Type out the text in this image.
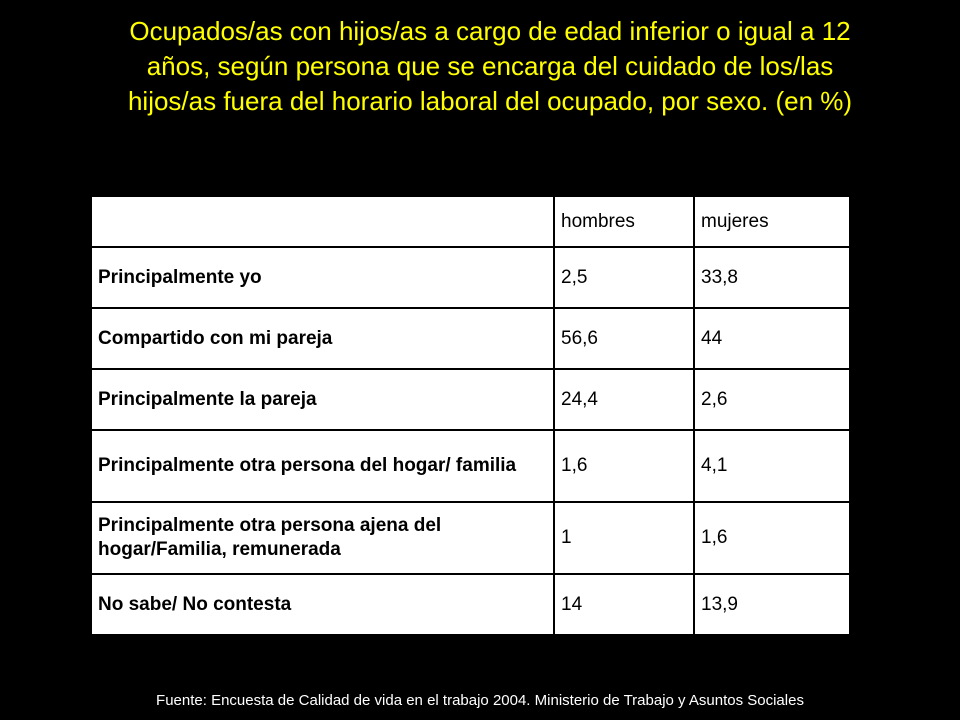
Ocupados/as con hijos/as a cargo de edad inferior o igual a 12
años, según persona que se encarga del cuidado de los/las
hijos/as fuera del horario laboral del ocupado, por sexo. (en %)
	hombres	mujeres
Principalmente yo	2,5	33,8
Compartido con mi pareja	56,6	44
Principalmente la pareja	24,4	2,6
Principalmente otra persona del hogar/ familia	1,6	4,1
Principalmente otra persona ajena del hogar/Familia, remunerada	1	1,6
No sabe/ No contesta	14	13,9
Fuente: Encuesta de Calidad de vida en el trabajo 2004. Ministerio de Trabajo y Asuntos Sociales
